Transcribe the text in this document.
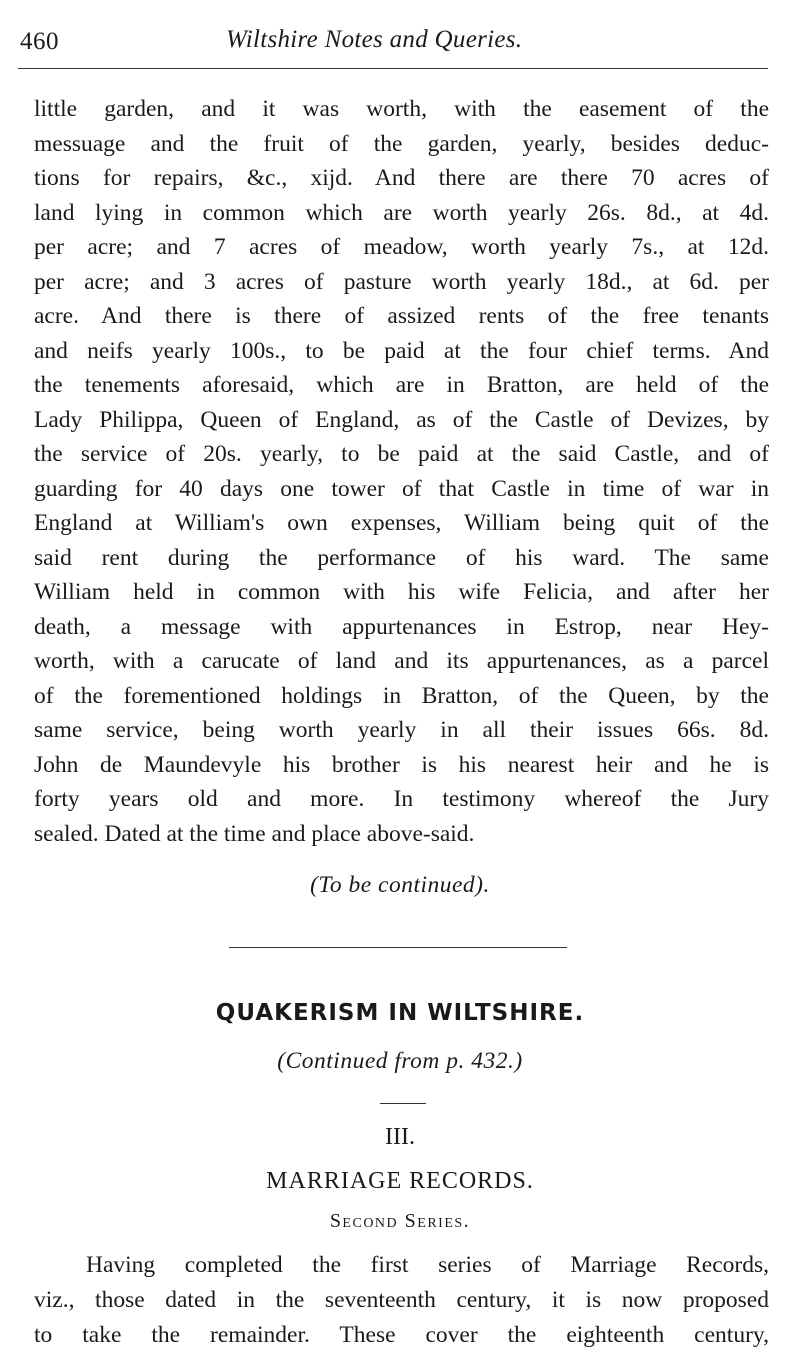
460	Wiltshire Notes and Queries.
little garden, and it was worth, with the easement of the
messuage and the fruit of the garden, yearly, besides deduc-
tions for repairs, &c., xijd. And there are there 70 acres of
land lying in common which are worth yearly 26s. 8d., at 4d.
per acre; and 7 acres of meadow, worth yearly 7s., at 12d.
per acre; and 3 acres of pasture worth yearly 18d., at 6d. per
acre. And there is there of assized rents of the free tenants
and neifs yearly 100s., to be paid at the four chief terms. And
the tenements aforesaid, which are in Bratton, are held of the
Lady Philippa, Queen of England, as of the Castle of Devizes, by
the service of 20s. yearly, to be paid at the said Castle, and of
guarding for 40 days one tower of that Castle in time of war in
England at William's own expenses, William being quit of the
said rent during the performance of his ward. The same
William held in common with his wife Felicia, and after her
death, a message with appurtenances in Estrop, near Hey-
worth, with a carucate of land and its appurtenances, as a parcel
of the forementioned holdings in Bratton, of the Queen, by the
same service, being worth yearly in all their issues 66s. 8d.
John de Maundevyle his brother is his nearest heir and he is
forty years old and more. In testimony whereof the Jury
sealed. Dated at the time and place above-said.
(To be continued).
QUAKERISM IN WILTSHIRE.
(Continued from p. 432.)
III.
MARRIAGE RECORDS.
Second Series.
Having completed the first series of Marriage Records,
viz., those dated in the seventeenth century, it is now proposed
to take the remainder. These cover the eighteenth century,
